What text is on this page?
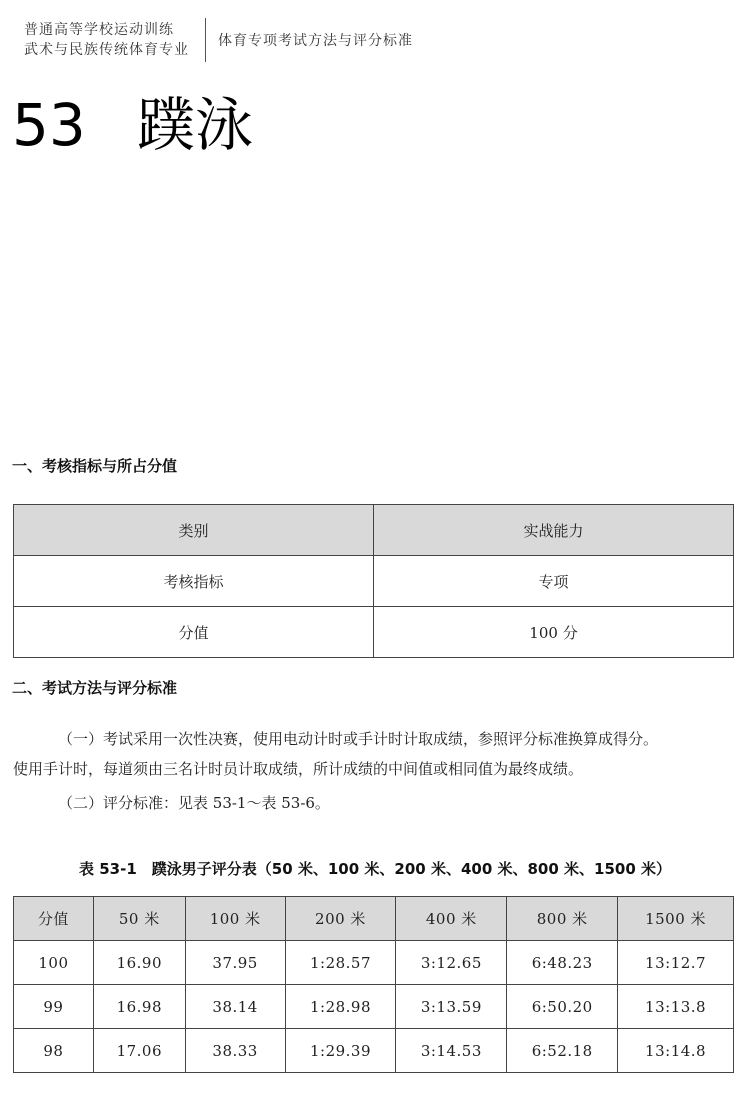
普通高等学校运动训练
武术与民族传统体育专业
体育专项考试方法与评分标准
53 蹼泳
一、考核指标与所占分值
类别	实战能力
考核指标	专项
分值	100 分
二、考试方法与评分标准
（一）考试采用一次性决赛，使用电动计时或手计时计取成绩，参照评分标准换算成得分。
使用手计时，每道须由三名计时员计取成绩，所计成绩的中间值或相同值为最终成绩。
（二）评分标准：见表 53-1～表 53-6。
表 53-1　蹼泳男子评分表（50 米、100 米、200 米、400 米、800 米、1500 米）
分值	50 米	100 米	200 米	400 米	800 米	1500 米
100	16.90	37.95	1:28.57	3:12.65	6:48.23	13:12.7
99	16.98	38.14	1:28.98	3:13.59	6:50.20	13:13.8
98	17.06	38.33	1:29.39	3:14.53	6:52.18	13:14.8
